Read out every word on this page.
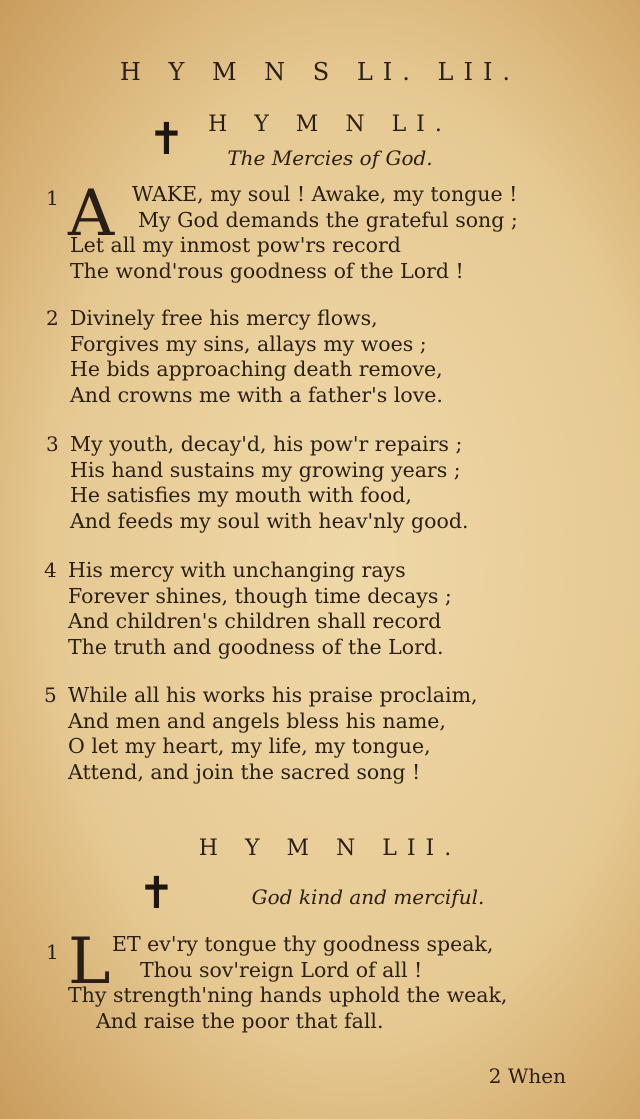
H Y M N S LI. LII.
✝	H Y M N LI.
The Mercies of God.
1 A WAKE, my soul ! Awake, my tongue !
My God demands the grateful song ;
Let all my inmost pow'rs record
The wond'rous goodness of the Lord !
2 Divinely free his mercy flows,
Forgives my sins, allays my woes ;
He bids approaching death remove,
And crowns me with a father's love.
3 My youth, decay'd, his pow'r repairs ;
His hand sustains my growing years ;
He satisfies my mouth with food,
And feeds my soul with heav'nly good.
4 His mercy with unchanging rays
Forever shines, though time decays ;
And children's children shall record
The truth and goodness of the Lord.
5 While all his works his praise proclaim,
And men and angels bless his name,
O let my heart, my life, my tongue,
Attend, and join the sacred song !
H Y M N LII.
✝	God kind and merciful.
1 L ET ev'ry tongue thy goodness speak,
Thou sov'reign Lord of all !
Thy strength'ning hands uphold the weak,
And raise the poor that fall.
2 When
